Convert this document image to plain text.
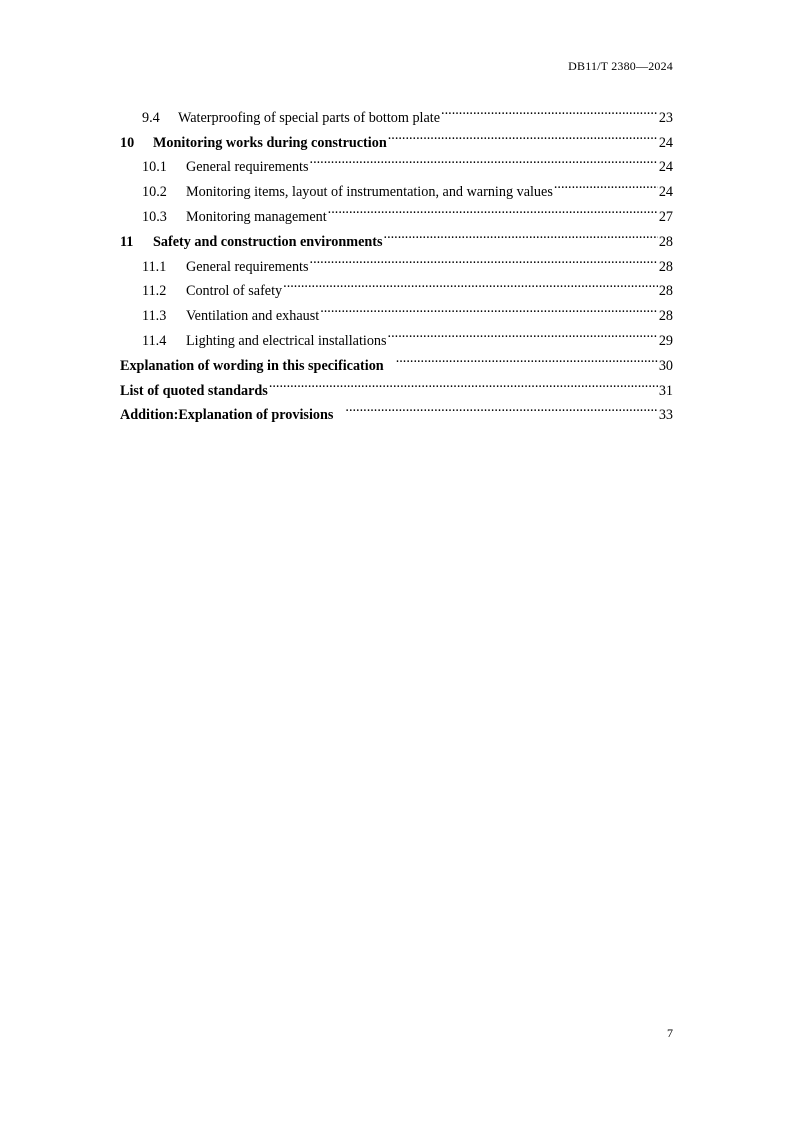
DB11/T 2380—2024
9.4	Waterproofing of special parts of bottom plate .....	23
10	Monitoring works during construction .....	24
10.1	General requirements .....	24
10.2	Monitoring items, layout of instrumentation, and warning values .....	24
10.3	Monitoring management .....	27
11	Safety and construction environments .....	28
11.1	General requirements .....	28
11.2	Control of safety .....	28
11.3	Ventilation and exhaust .....	28
11.4	Lighting and electrical installations .....	29
Explanation of wording in this specification .....	30
List of quoted standards .....	31
Addition:Explanation of provisions .....	33
7
